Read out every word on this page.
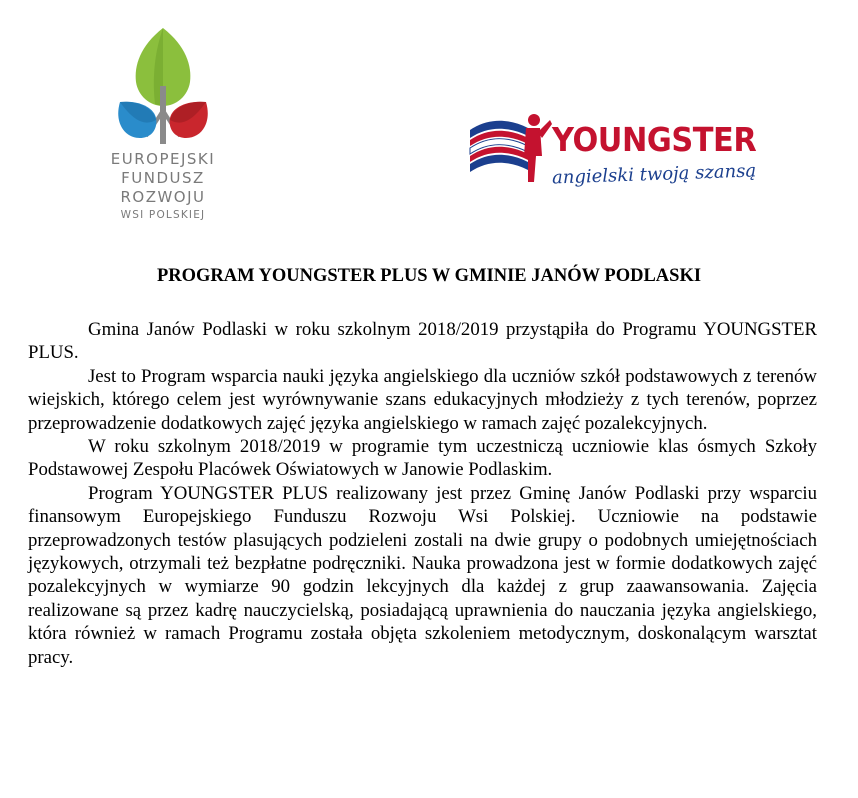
EUROPEJSKI
FUNDUSZ
ROZWOJU
WSI POLSKIEJ
YOUNGSTER
angielski twoją szansą
PROGRAM YOUNGSTER PLUS W GMINIE JANÓW PODLASKI

Gmina Janów Podlaski w roku szkolnym 2018/2019 przystąpiła do Programu YOUNGSTER PLUS.

Jest to Program wsparcia nauki języka angielskiego dla uczniów szkół podstawowych z terenów wiejskich, którego celem jest wyrównywanie szans edukacyjnych młodzieży z tych terenów, poprzez przeprowadzenie dodatkowych zajęć języka angielskiego w ramach zajęć pozalekcyjnych.

W roku szkolnym 2018/2019 w programie tym uczestniczą uczniowie klas ósmych Szkoły Podstawowej Zespołu Placówek Oświatowych w Janowie Podlaskim.

Program YOUNGSTER PLUS realizowany jest przez Gminę Janów Podlaski przy wsparciu finansowym Europejskiego Funduszu Rozwoju Wsi Polskiej. Uczniowie na podstawie przeprowadzonych testów plasujących podzieleni zostali na dwie grupy o podobnych umiejętnościach językowych, otrzymali też bezpłatne podręczniki. Nauka prowadzona jest w formie dodatkowych zajęć pozalekcyjnych w wymiarze 90 godzin lekcyjnych dla każdej z grup zaawansowania. Zajęcia realizowane są przez kadrę nauczycielską, posiadającą uprawnienia do nauczania języka angielskiego, która również w ramach Programu została objęta szkoleniem metodycznym, doskonalącym warsztat pracy.
